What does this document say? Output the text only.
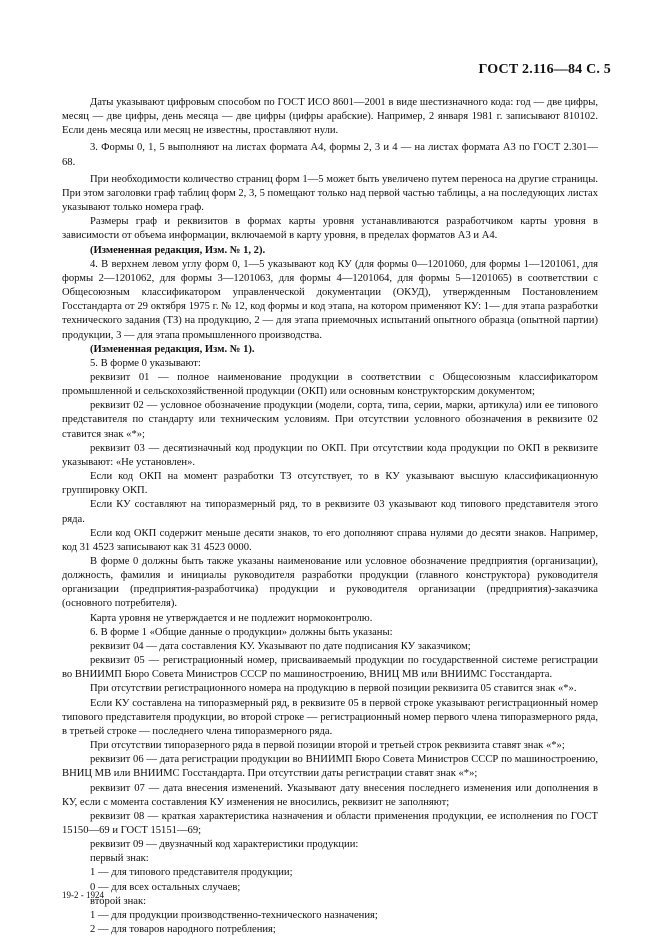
ГОСТ 2.116—84 С. 5

Даты указывают цифровым способом по ГОСТ ИСО 8601—2001 в виде шестизначного кода: год — две цифры, месяц — две цифры, день месяца — две цифры (цифры арабские). Например, 2 января 1981 г. записывают 810102. Если день месяца или месяц не известны, проставляют нули.

3. Формы 0, 1, 5 выполняют на листах формата А4, формы 2, 3 и 4 — на листах формата А3 по ГОСТ 2.301—68.

При необходимости количество страниц форм 1—5 может быть увеличено путем переноса на другие страницы. При этом заголовки граф таблиц форм 2, 3, 5 помещают только над первой частью таблицы, а на последующих листах указывают только номера граф.

Размеры граф и реквизитов в формах карты уровня устанавливаются разработчиком карты уровня в зависимости от объема информации, включаемой в карту уровня, в пределах форматов А3 и А4.

(Измененная редакция, Изм. № 1, 2).

4. В верхнем левом углу форм 0, 1—5 указывают код КУ (для формы 0—1201060, для формы 1—1201061, для формы 2—1201062, для формы 3—1201063, для формы 4—1201064, для формы 5—1201065) в соответствии с Общесоюзным классификатором управленческой документации (ОКУД), утвержденным Постановлением Госстандарта от 29 октября 1975 г. № 12, код формы и код этапа, на котором применяют КУ: 1— для этапа разработки технического задания (ТЗ) на продукцию, 2 — для этапа приемочных испытаний опытного образца (опытной партии) продукции, 3 — для этапа промышленного производства.

(Измененная редакция, Изм. № 1).

5. В форме 0 указывают:

реквизит 01 — полное наименование продукции в соответствии с Общесоюзным классификатором промышленной и сельскохозяйственной продукции (ОКП) или основным конструкторским документом;

реквизит 02 — условное обозначение продукции (модели, сорта, типа, серии, марки, артикула) или ее типового представителя по стандарту или техническим условиям. При отсутствии условного обозначения в реквизите 02 ставится знак «*»;

реквизит 03 — десятизначный код продукции по ОКП. При отсутствии кода продукции по ОКП в реквизите указывают: «Не установлен».

Если код ОКП на момент разработки ТЗ отсутствует, то в КУ указывают высшую классификационную группировку ОКП.

Если КУ составляют на типоразмерный ряд, то в реквизите 03 указывают код типового представителя этого ряда.

Если код ОКП содержит меньше десяти знаков, то его дополняют справа нулями до десяти знаков. Например, код 31 4523 записывают как 31 4523 0000.

В форме 0 должны быть также указаны наименование или условное обозначение предприятия (организации), должность, фамилия и инициалы руководителя разработки продукции (главного конструктора) руководителя организации (предприятия-разработчика) продукции и руководителя организации (предприятия)-заказчика (основного потребителя).

Карта уровня не утверждается и не подлежит нормоконтролю.

6. В форме 1 «Общие данные о продукции» должны быть указаны:

реквизит 04 — дата составления КУ. Указывают по дате подписания КУ заказчиком;

реквизит 05 — регистрационный номер, присваиваемый продукции по государственной системе регистрации во ВНИИМП Бюро Совета Министров СССР по машиностроению, ВНИЦ МВ или ВНИИМС Госстандарта.

При отсутствии регистрационного номера на продукцию в первой позиции реквизита 05 ставится знак «*».

Если КУ составлена на типоразмерный ряд, в реквизите 05 в первой строке указывают регистрационный номер типового представителя продукции, во второй строке — регистрационный номер первого члена типоразмерного ряда, в третьей строке — последнего члена типоразмерного ряда.

При отсутствии типоразерного ряда в первой позиции второй и третьей строк реквизита ставят знак «*»;

реквизит 06 — дата регистрации продукции во ВНИИМП Бюро Совета Министров СССР по машиностроению, ВНИЦ МВ или ВНИИМС Госстандарта. При отсутствии даты регистрации ставят знак «*»;

реквизит 07 — дата внесения изменений. Указывают дату внесения последнего изменения или дополнения в КУ, если с момента составления КУ изменения не вносились, реквизит не заполняют;

реквизит 08 — краткая характеристика назначения и области применения продукции, ее исполнения по ГОСТ 15150—69 и ГОСТ 15151—69;

реквизит 09 — двузначный код характеристики продукции:

первый знак:

1 — для типового представителя продукции;

0 — для всех остальных случаев;

второй знак:

1 — для продукции производственно-технического назначения;

2 — для товаров народного потребления;

19-2 - 1924
